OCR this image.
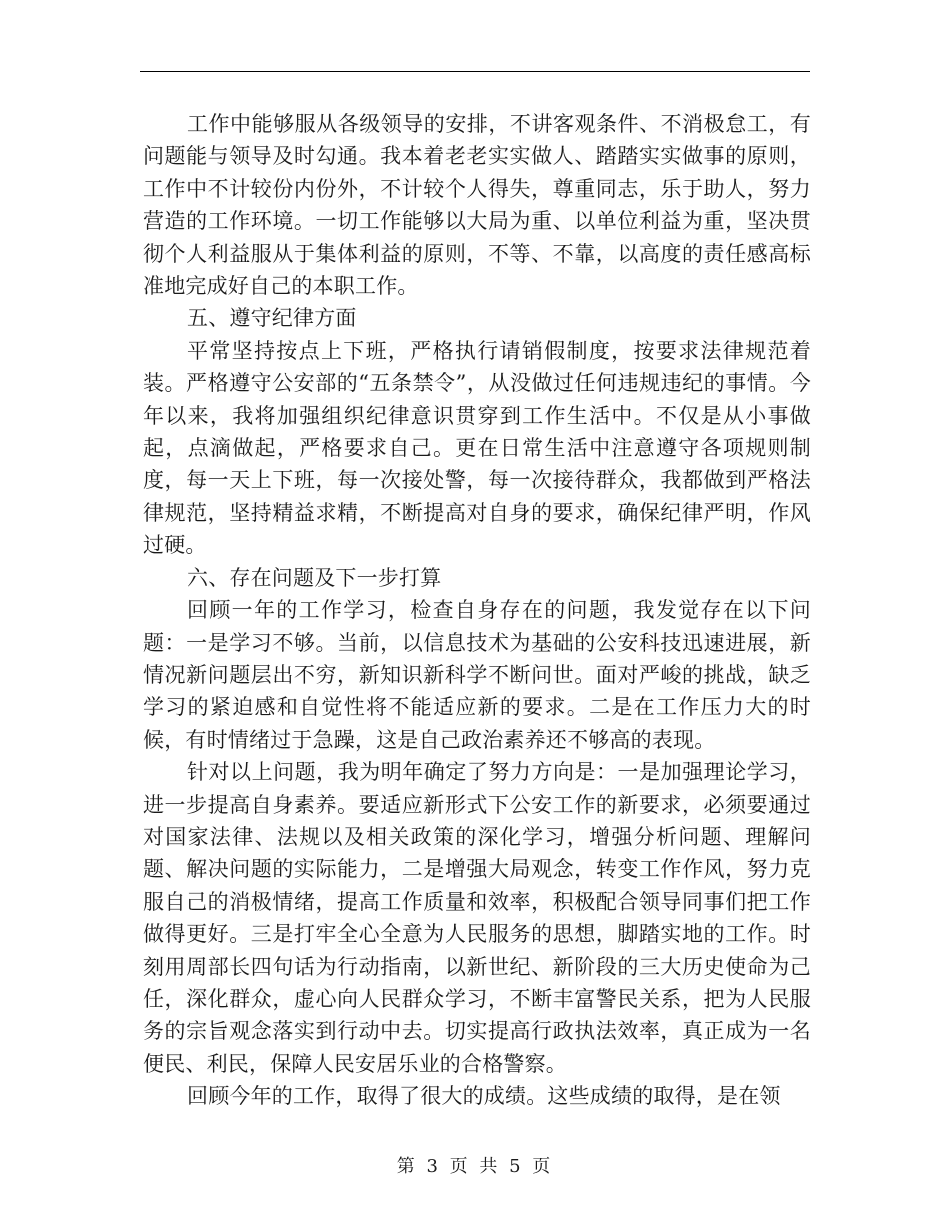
工作中能够服从各级领导的安排，不讲客观条件、不消极怠工，有问题能与领导及时勾通。我本着老老实实做人、踏踏实实做事的原则，工作中不计较份内份外，不计较个人得失，尊重同志，乐于助人，努力营造的工作环境。一切工作能够以大局为重、以单位利益为重，坚决贯彻个人利益服从于集体利益的原则，不等、不靠，以高度的责任感高标准地完成好自己的本职工作。

五、遵守纪律方面

平常坚持按点上下班，严格执行请销假制度，按要求法律规范着装。严格遵守公安部的“五条禁令”，从没做过任何违规违纪的事情。今年以来，我将加强组织纪律意识贯穿到工作生活中。不仅是从小事做起，点滴做起，严格要求自己。更在日常生活中注意遵守各项规则制度，每一天上下班，每一次接处警，每一次接待群众，我都做到严格法律规范，坚持精益求精，不断提高对自身的要求，确保纪律严明，作风过硬。

六、存在问题及下一步打算

回顾一年的工作学习，检查自身存在的问题，我发觉存在以下问题：一是学习不够。当前，以信息技术为基础的公安科技迅速进展，新情况新问题层出不穷，新知识新科学不断问世。面对严峻的挑战，缺乏学习的紧迫感和自觉性将不能适应新的要求。二是在工作压力大的时候，有时情绪过于急躁，这是自己政治素养还不够高的表现。

针对以上问题，我为明年确定了努力方向是：一是加强理论学习，进一步提高自身素养。要适应新形式下公安工作的新要求，必须要通过对国家法律、法规以及相关政策的深化学习，增强分析问题、理解问题、解决问题的实际能力，二是增强大局观念，转变工作作风，努力克服自己的消极情绪，提高工作质量和效率，积极配合领导同事们把工作做得更好。三是打牢全心全意为人民服务的思想，脚踏实地的工作。时刻用周部长四句话为行动指南，以新世纪、新阶段的三大历史使命为己任，深化群众，虚心向人民群众学习，不断丰富警民关系，把为人民服务的宗旨观念落实到行动中去。切实提高行政执法效率，真正成为一名便民、利民，保障人民安居乐业的合格警察。

回顾今年的工作，取得了很大的成绩。这些成绩的取得，是在领

第 3 页 共 5 页
